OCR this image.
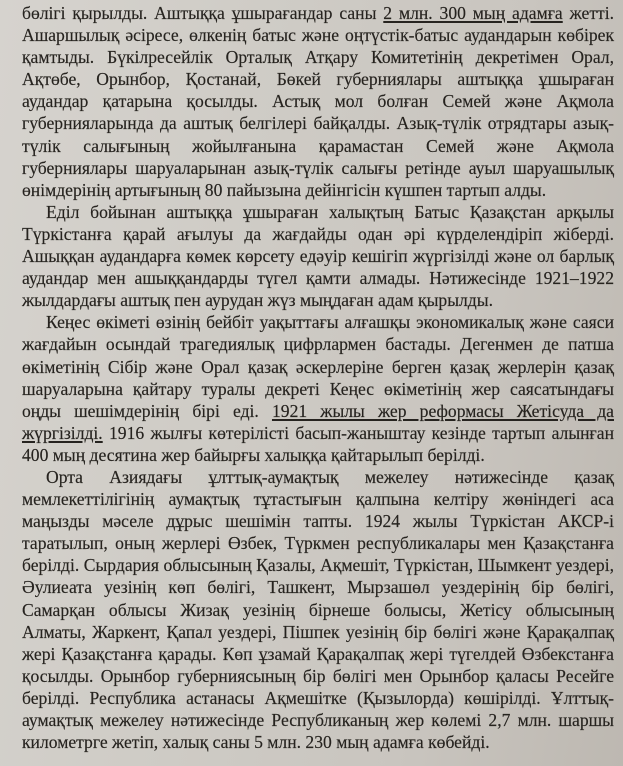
бөлігі қырылды. Аштыққа ұшырағандар саны 2 млн. 300 мың адамға жетті. Ашаршылық әсіресе, өлкенің батыс және оңтүстік-батыс аудандарын көбірек қамтыды. Бүкілресейлік Орталық Атқару Комитетінің декретімен Орал, Ақтөбе, Орынбор, Қостанай, Бөкей губерниялары аштыққа ұшыраған аудандар қатарына қосылды. Астық мол болған Семей және Ақмола губернияларында да аштық белгілері байқалды. Азық-түлік отрядтары азық-түлік салығының жойылғанына қарамастан Семей және Ақмола губерниялары шаруаларынан азық-түлік салығы ретінде ауыл шаруашылық өнімдерінің артығының 80 пайызына дейінгісін күшпен тартып алды.

Еділ бойынан аштыққа ұшыраған халықтың Батыс Қазақстан арқылы Түркістанға қарай ағылуы да жағдайды одан әрі күрделендіріп жіберді. Ашыққан аудандарға көмек көрсету едәуір кешігіп жүргізілді және ол барлық аудандар мен ашыққандарды түгел қамти алмады. Нәтижесінде 1921–1922 жылдардағы аштық пен аурудан жүз мыңдаған адам қырылды.

Кеңес өкіметі өзінің бейбіт уақыттағы алғашқы экономикалық және саяси жағдайын осындай трагедиялық цифрлармен бастады. Дегенмен де патша өкіметінің Сібір және Орал қазақ әскерлеріне берген қазақ жерлерін қазақ шаруаларына қайтару туралы декреті Кеңес өкіметінің жер саясатындағы оңды шешімдерінің бірі еді. 1921 жылы жер реформасы Жетісуда да жүргізілді. 1916 жылғы көтерілісті басып-жаныштау кезінде тартып алынған 400 мың десятина жер байырғы халыққа қайтарылып берілді.

Орта Азиядағы ұлттық-аумақтық межелеу нәтижесінде қазақ мемлекеттілігінің аумақтық тұтастығын қалпына келтіру жөніндегі аса маңызды мәселе дұрыс шешімін тапты. 1924 жылы Түркістан АКСР-і таратылып, оның жерлері Өзбек, Түркмен республикалары мен Қазақстанға берілді. Сырдария облысының Қазалы, Ақмешіт, Түркістан, Шымкент уездері, Әулиеата уезінің көп бөлігі, Ташкент, Мырзашөл уездерінің бір бөлігі, Самарқан облысы Жизақ уезінің бірнеше болысы, Жетісу облысының Алматы, Жаркент, Қапал уездері, Пішпек уезінің бір бөлігі және Қарақалпақ жері Қазақстанға қарады. Көп ұзамай Қарақалпақ жері түгелдей Өзбекстанға қосылды. Орынбор губерниясының бір бөлігі мен Орынбор қаласы Ресейге берілді. Республика астанасы Ақмешітке (Қызылорда) көшірілді. Ұлттық-аумақтық межелеу нәтижесінде Республиканың жер көлемі 2,7 млн. шаршы километрге жетіп, халық саны 5 млн. 230 мың адамға көбейді.
